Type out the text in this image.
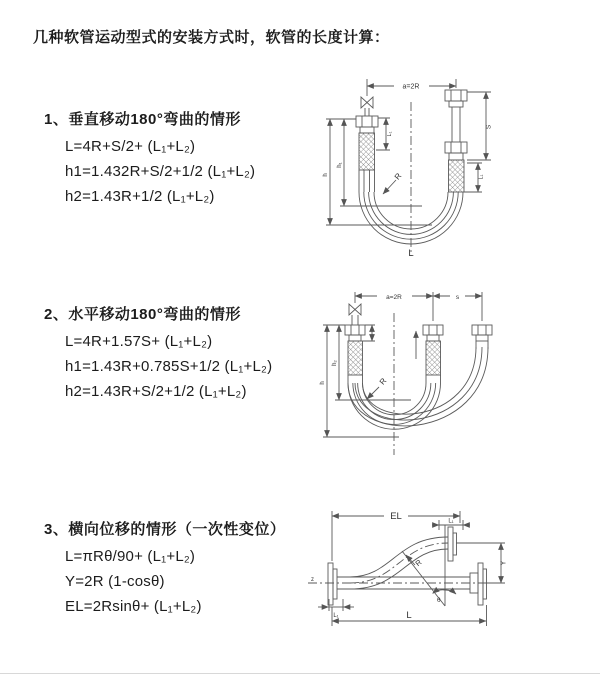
几种软管运动型式的安装方式时，软管的长度计算：
1、垂直移动180°弯曲的情形
L=4R+S/2+ (L₁+L₂)
h1=1.432R+S/2+1/2 (L₁+L₂)
h2=1.43R+1/2 (L₁+L₂)
a=2R
L₁
h₁
h
S
L₁
R
L
2、水平移动180°弯曲的情形
L=4R+1.57S+ (L₁+L₂)
h1=1.43R+0.785S+1/2 (L₁+L₂)
h2=1.43R+S/2+1/2 (L₁+L₂)
a=2R	s
h₂
h	R
3、横向位移的情形（一次性变位）
L=πRθ/90+ (L₁+L₂)
Y=2R (1-cosθ)
EL=2Rsinθ+ (L₁+L₂)
EL	L₁
z
R
θ
Y
L
L₁
